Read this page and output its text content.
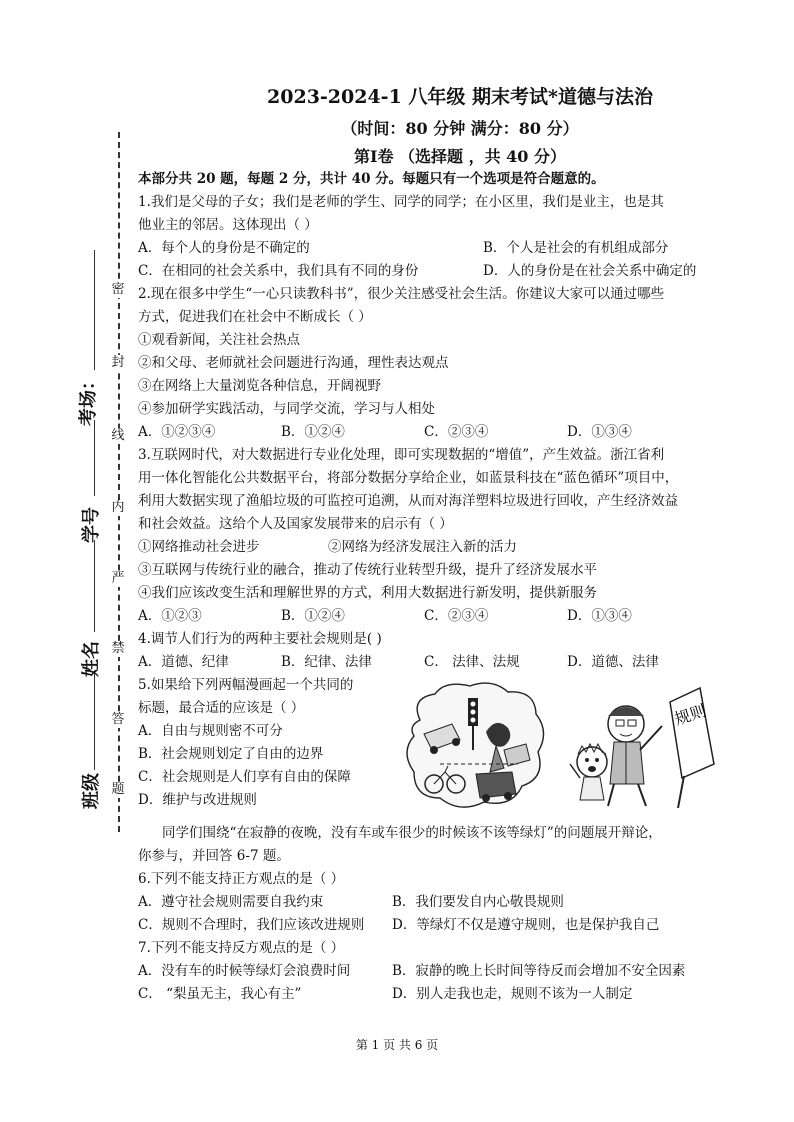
密
封
线
内
严
禁
答
题
考场：
学号
姓名
班级
2023-2024-1 八年级 期末考试*道德与法治
（时间：80 分钟 满分：80 分）
第Ⅰ卷 （选择题 ，共 40 分）
本部分共 20 题，每题 2 分，共计 40 分。每题只有一个选项是符合题意的。
1.我们是父母的子女；我们是老师的学生、同学的同学；在小区里，我们是业主，也是其
他业主的邻居。这体现出（ ）
A．每个人的身份是不确定的	B．个人是社会的有机组成部分
C．在相同的社会关系中，我们具有不同的身份	D．人的身份是在社会关系中确定的
2.现在很多中学生“一心只读教科书”，很少关注感受社会生活。你建议大家可以通过哪些
方式，促进我们在社会中不断成长（ ）
①观看新闻，关注社会热点
②和父母、老师就社会问题进行沟通，理性表达观点
③在网络上大量浏览各种信息，开阔视野
④参加研学实践活动，与同学交流，学习与人相处
A．①②③④	B．①②④	C．②③④	D．①③④
3.互联网时代，对大数据进行专业化处理，即可实现数据的“增值”，产生效益。浙江省利
用一体化智能化公共数据平台，将部分数据分享给企业，如蓝景科技在“蓝色循环”项目中，
利用大数据实现了渔船垃圾的可监控可追溯，从而对海洋塑料垃圾进行回收，产生经济效益
和社会效益。这给个人及国家发展带来的启示有（ ）
①网络推动社会进步	②网络为经济发展注入新的活力
③互联网与传统行业的融合，推动了传统行业转型升级，提升了经济发展水平
④我们应该改变生活和理解世界的方式，利用大数据进行新发明，提供新服务
A．①②③	B．①②④	C．②③④	D．①③④
4.调节人们行为的两种主要社会规则是( )
A．道德、纪律	B．纪律、法律	C． 法律、法规	D．道德、法律
5.如果给下列两幅漫画起一个共同的
标题，最合适的应该是（ ）
A．自由与规则密不可分
B．社会规则划定了自由的边界
C．社会规则是人们享有自由的保障
D．维护与改进规则
规则
同学们围绕“在寂静的夜晚，没有车或车很少的时候该不该等绿灯”的问题展开辩论，
你参与，并回答 6-7 题。
6.下列不能支持正方观点的是（ ）
A．遵守社会规则需要自我约束	B．我们要发自内心敬畏规则
C．规则不合理时，我们应该改进规则	D．等绿灯不仅是遵守规则，也是保护我自己
7.下列不能支持反方观点的是（ ）
A．没有车的时候等绿灯会浪费时间	B．寂静的晚上长时间等待反而会增加不安全因素
C． “梨虽无主，我心有主”	D．别人走我也走，规则不该为一人制定
第 1 页 共 6 页
